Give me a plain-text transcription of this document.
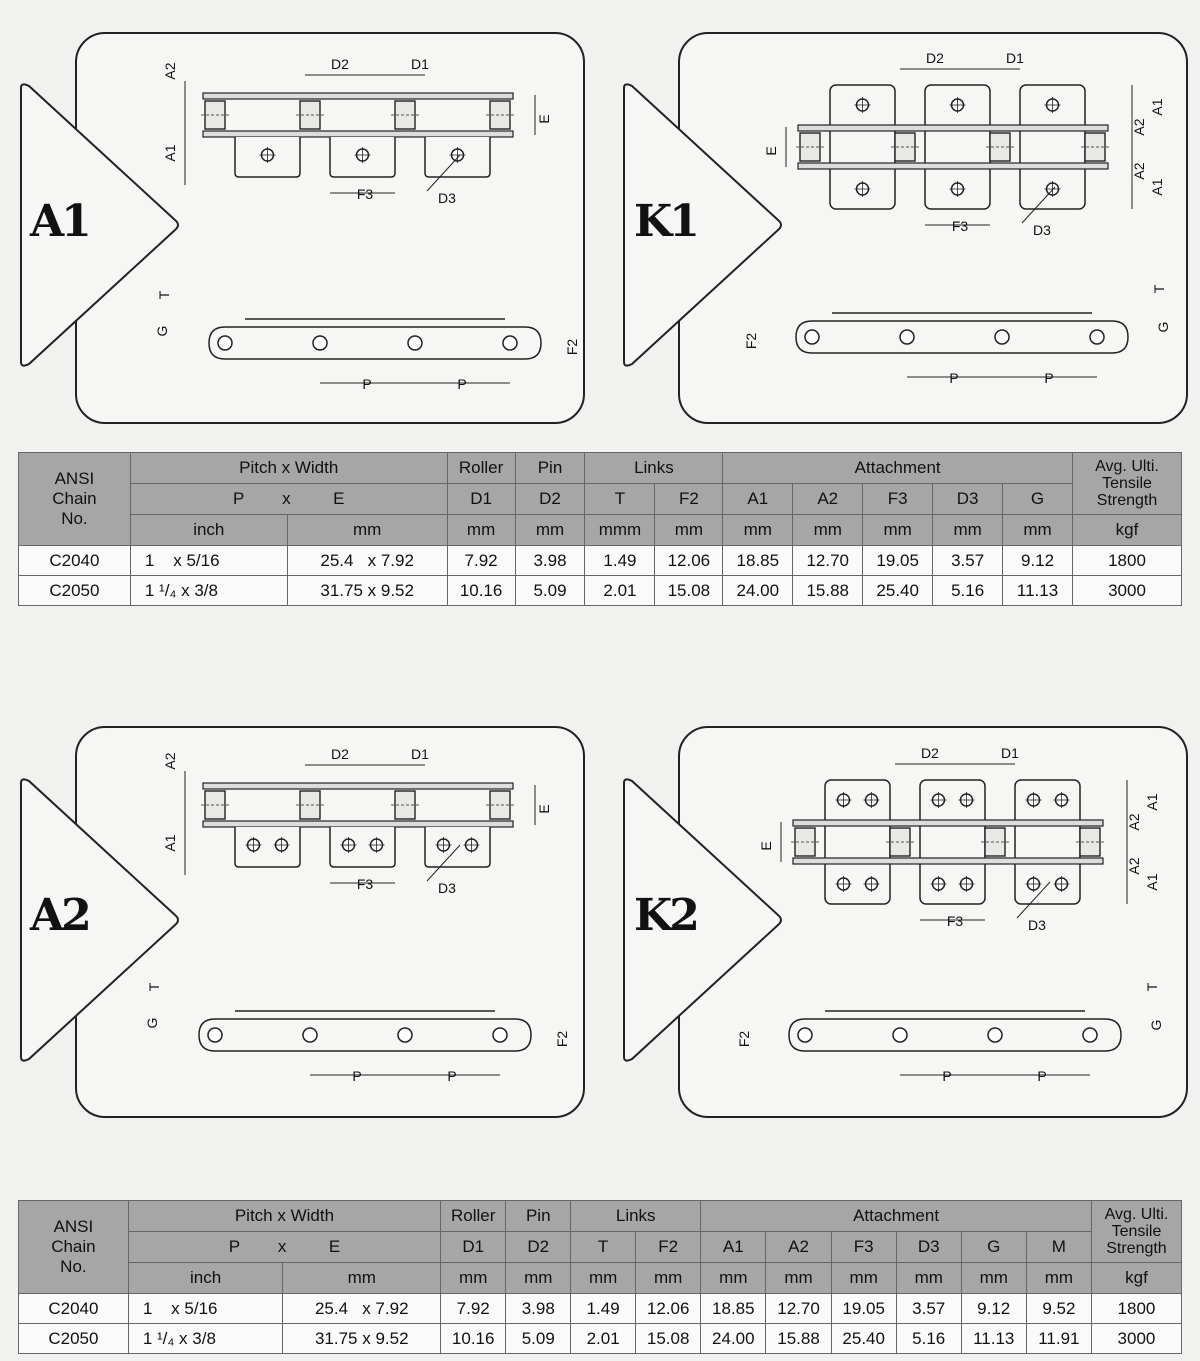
A1	K1
A2	K2
A2
A1
E
D2	D1
F3	D3
P	P
T
G
F2
E
A2
A1
A2
A1
D2	D1
F3	D3
P	P
T
F2
G
A2
A1
E
D2	D1
F3	D3
P	P
T
G
F2
E
A2
A1
A2
A1
D2	D1
F3	D3
P	P
T
F2
G
ANSI
Chain
No.	Pitch x Width		Roller	Pin	Links		Attachment					Avg. Ulti. Tensile Strength
	P x E		D1	D2	T	F2	A1	A2	F3	D3	G	
	inch	mm	mm	mm	mmm	mm	mm	mm	mm	mm	mm	kgf
C2040	1    x 5/16	25.4   x 7.92	7.92	3.98	1.49	12.06	18.85	12.70	19.05	3.57	9.12	1800
C2050	1 ¹/₄ x 3/8	31.75 x 9.52	10.16	5.09	2.01	15.08	24.00	15.88	25.40	5.16	11.13	3000
ANSI
Chain
No.	Pitch x Width		Roller	Pin	Links		Attachment						Avg. Ulti. Tensile Strength
	P x E		D1	D2	T	F2	A1	A2	F3	D3	G	M	
	inch	mm	mm	mm	mm	mm	mm	mm	mm	mm	mm	mm	kgf
C2040	1    x 5/16	25.4   x 7.92	7.92	3.98	1.49	12.06	18.85	12.70	19.05	3.57	9.12	9.52	1800
C2050	1 ¹/₄ x 3/8	31.75 x 9.52	10.16	5.09	2.01	15.08	24.00	15.88	25.40	5.16	11.13	11.91	3000
